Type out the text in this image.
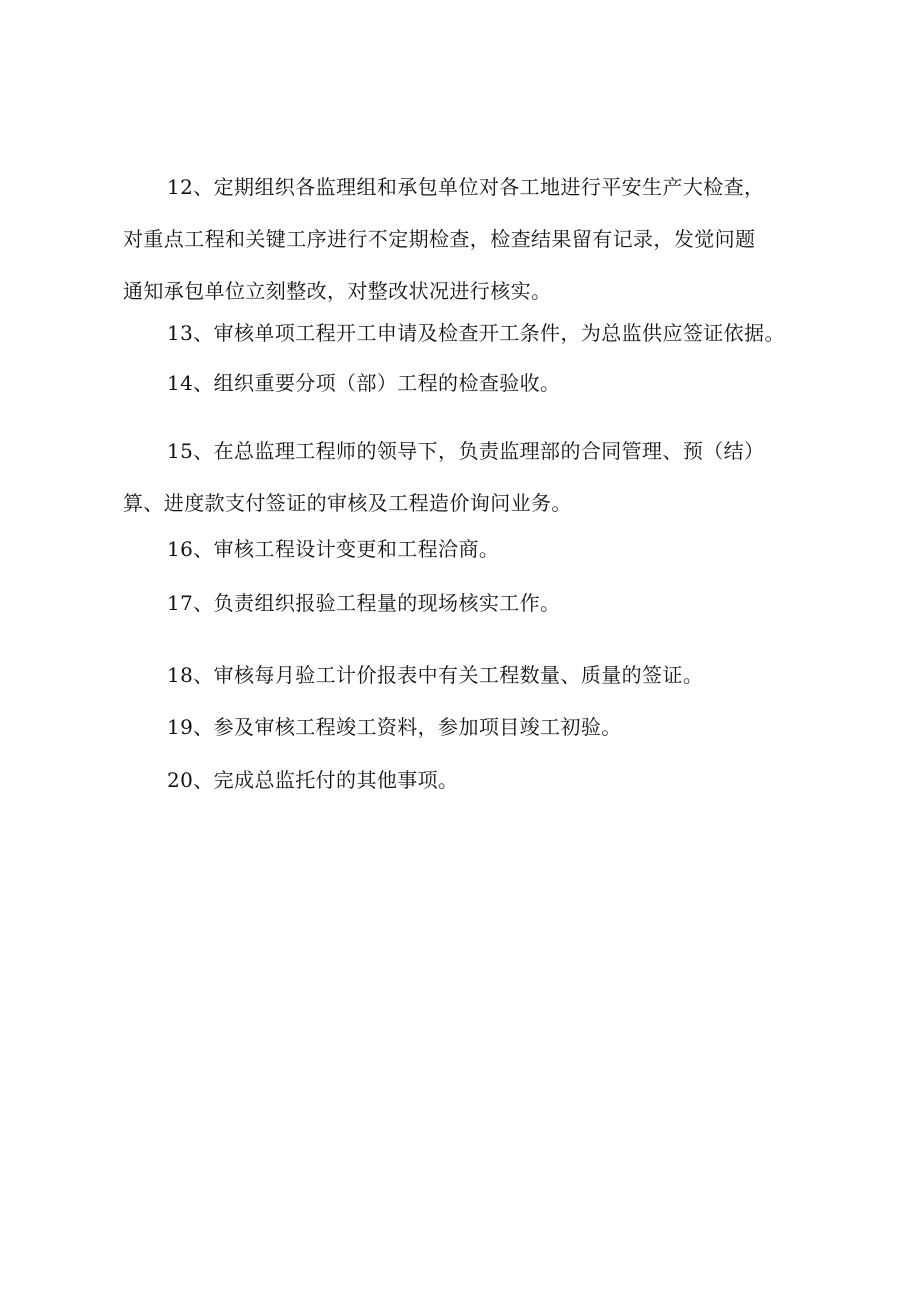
12、定期组织各监理组和承包单位对各工地进行平安生产大检查，
对重点工程和关键工序进行不定期检查，检查结果留有记录，发觉问题
通知承包单位立刻整改，对整改状况进行核实。
13、审核单项工程开工申请及检查开工条件，为总监供应签证依据。
14、组织重要分项（部）工程的检查验收。
15、在总监理工程师的领导下，负责监理部的合同管理、预（结）
算、进度款支付签证的审核及工程造价询问业务。
16、审核工程设计变更和工程洽商。
17、负责组织报验工程量的现场核实工作。
18、审核每月验工计价报表中有关工程数量、质量的签证。
19、参及审核工程竣工资料，参加项目竣工初验。
20、完成总监托付的其他事项。
